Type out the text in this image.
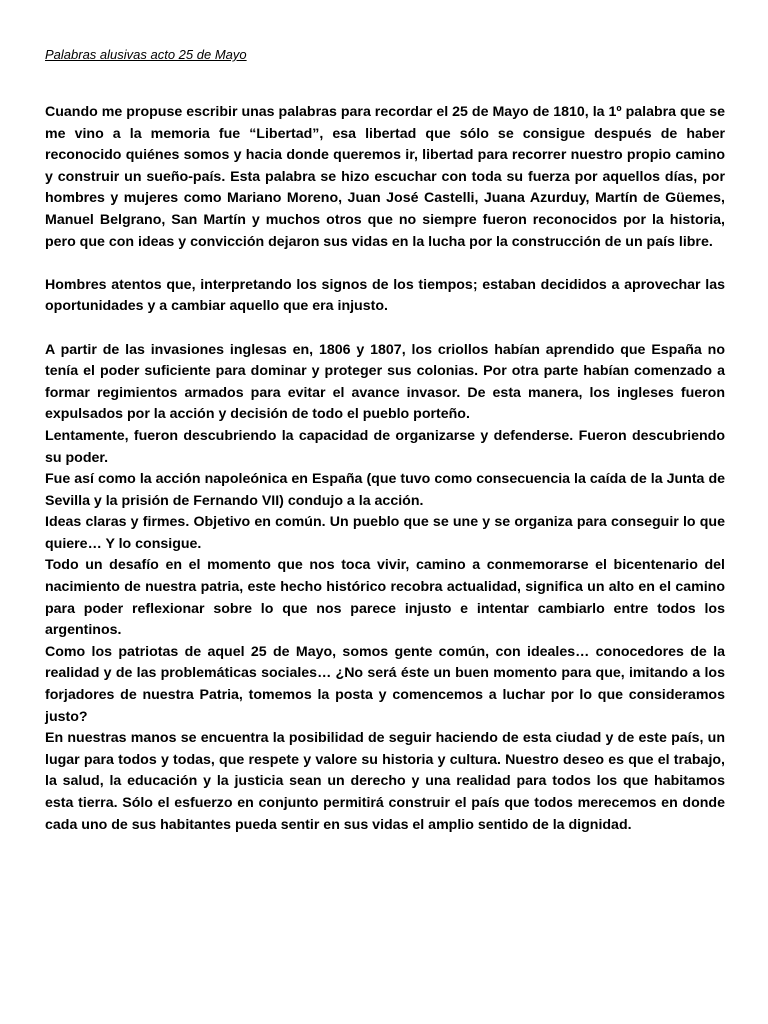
Palabras alusivas acto 25 de Mayo

Cuando me propuse escribir unas palabras para recordar el 25 de Mayo de 1810, la 1º palabra que se me vino a la memoria fue “Libertad”, esa libertad que sólo se consigue después de haber reconocido quiénes somos y hacia donde queremos ir, libertad para recorrer nuestro propio camino y construir un sueño-país. Esta palabra se hizo escuchar con toda su fuerza por aquellos días, por hombres y mujeres como Mariano Moreno, Juan José Castelli, Juana Azurduy, Martín de Güemes, Manuel Belgrano, San Martín y muchos otros que no siempre fueron reconocidos por la historia, pero que con ideas y convicción dejaron sus vidas en la lucha por la construcción de un país libre.

Hombres atentos que, interpretando los signos de los tiempos; estaban decididos a aprovechar las oportunidades y a cambiar aquello que era injusto.

A partir de las invasiones inglesas en, 1806 y 1807, los criollos habían aprendido que España no tenía el poder suficiente para dominar y proteger sus colonias. Por otra parte habían comenzado a formar regimientos armados para evitar el avance invasor. De esta manera, los ingleses fueron expulsados por la acción y decisión de todo el pueblo porteño.

Lentamente, fueron descubriendo la capacidad de organizarse y defenderse. Fueron descubriendo su poder.

Fue así como la acción napoleónica en España (que tuvo como consecuencia la caída de la Junta de Sevilla y la prisión de Fernando VII) condujo a la acción.

Ideas claras y firmes. Objetivo en común. Un pueblo que se une y se organiza para conseguir lo que quiere… Y lo consigue.

Todo un desafío en el momento que nos toca vivir, camino a conmemorarse el bicentenario del nacimiento de nuestra patria, este hecho histórico recobra actualidad, significa un alto en el camino para poder reflexionar sobre lo que nos parece injusto e intentar cambiarlo entre todos los argentinos.

Como los patriotas de aquel 25 de Mayo, somos gente común, con ideales… conocedores de la realidad y de las problemáticas sociales… ¿No será éste un buen momento para que, imitando a los forjadores de nuestra Patria, tomemos la posta y comencemos a luchar por lo que consideramos justo?

En nuestras manos se encuentra la posibilidad de seguir haciendo de esta ciudad y de este país, un lugar para todos y todas, que respete y valore su historia y cultura. Nuestro deseo es que el trabajo, la salud, la educación y la justicia sean un derecho y una realidad para todos los que habitamos esta tierra. Sólo el esfuerzo en conjunto permitirá construir el país que todos merecemos en donde cada uno de sus habitantes pueda sentir en sus vidas el amplio sentido de la dignidad.
